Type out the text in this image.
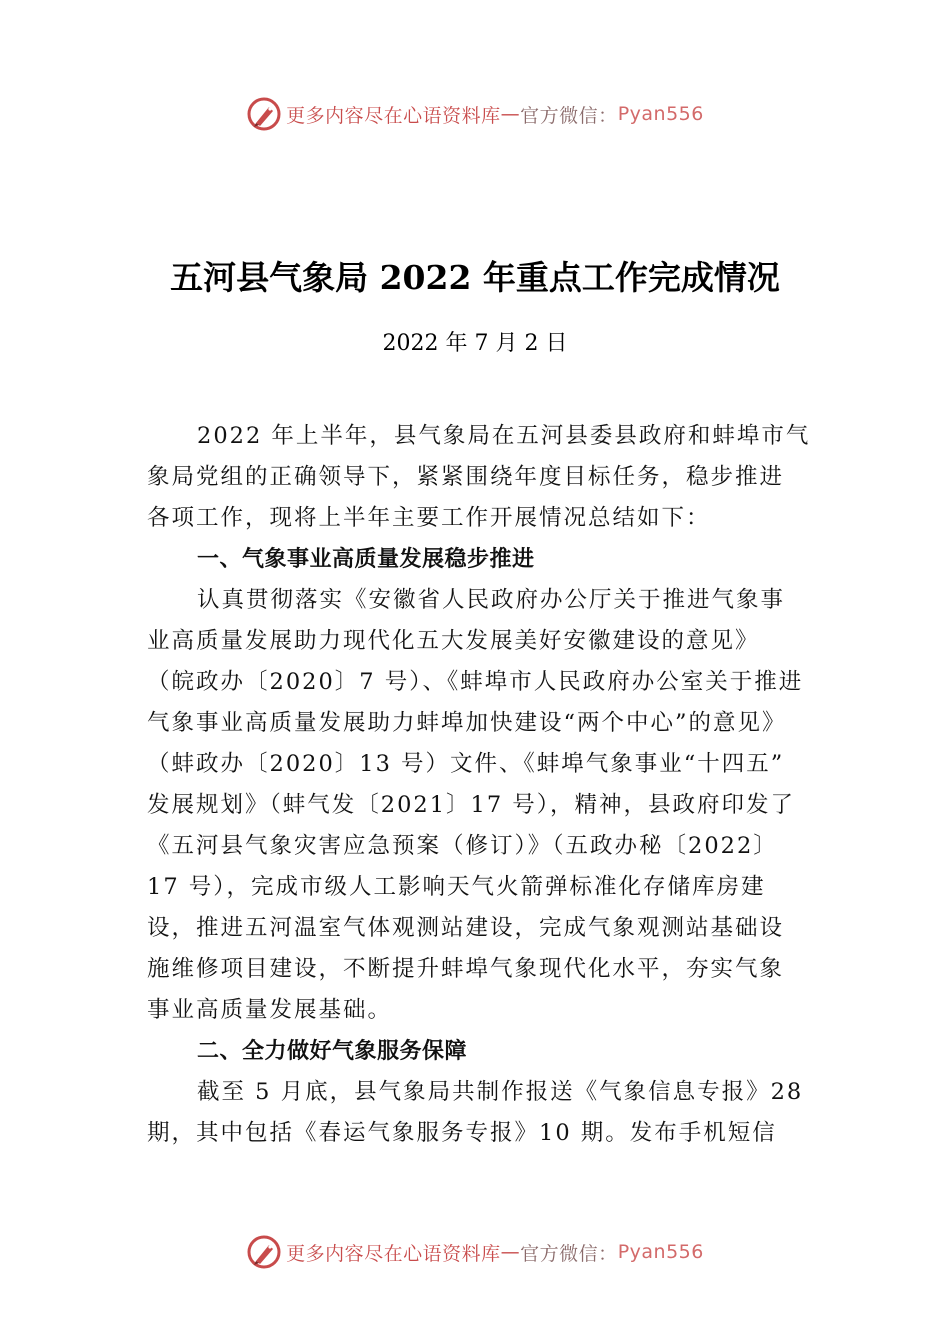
更多内容尽在心语资料库 — 官方微信： Pyan556
五河县气象局 2022 年重点工作完成情况
2022 年 7 月 2 日
2022 年上半年，县气象局在五河县委县政府和蚌埠市气
象局党组的正确领导下，紧紧围绕年度目标任务，稳步推进
各项工作，现将上半年主要工作开展情况总结如下：
一、气象事业高质量发展稳步推进
认真贯彻落实《安徽省人民政府办公厅关于推进气象事
业高质量发展助力现代化五大发展美好安徽建设的意见》
（皖政办〔2020〕7 号）、《蚌埠市人民政府办公室关于推进
气象事业高质量发展助力蚌埠加快建设“两个中心”的意见》
（蚌政办〔2020〕13 号）文件、《蚌埠气象事业“十四五”
发展规划》（蚌气发〔2021〕17 号），精神，县政府印发了
《五河县气象灾害应急预案（修订）》（五政办秘〔2022〕
17 号），完成市级人工影响天气火箭弹标准化存储库房建
设，推进五河温室气体观测站建设，完成气象观测站基础设
施维修项目建设，不断提升蚌埠气象现代化水平，夯实气象
事业高质量发展基础。
二、全力做好气象服务保障
截至 5 月底，县气象局共制作报送《气象信息专报》28
期，其中包括《春运气象服务专报》10 期。发布手机短信
更多内容尽在心语资料库 — 官方微信： Pyan556
